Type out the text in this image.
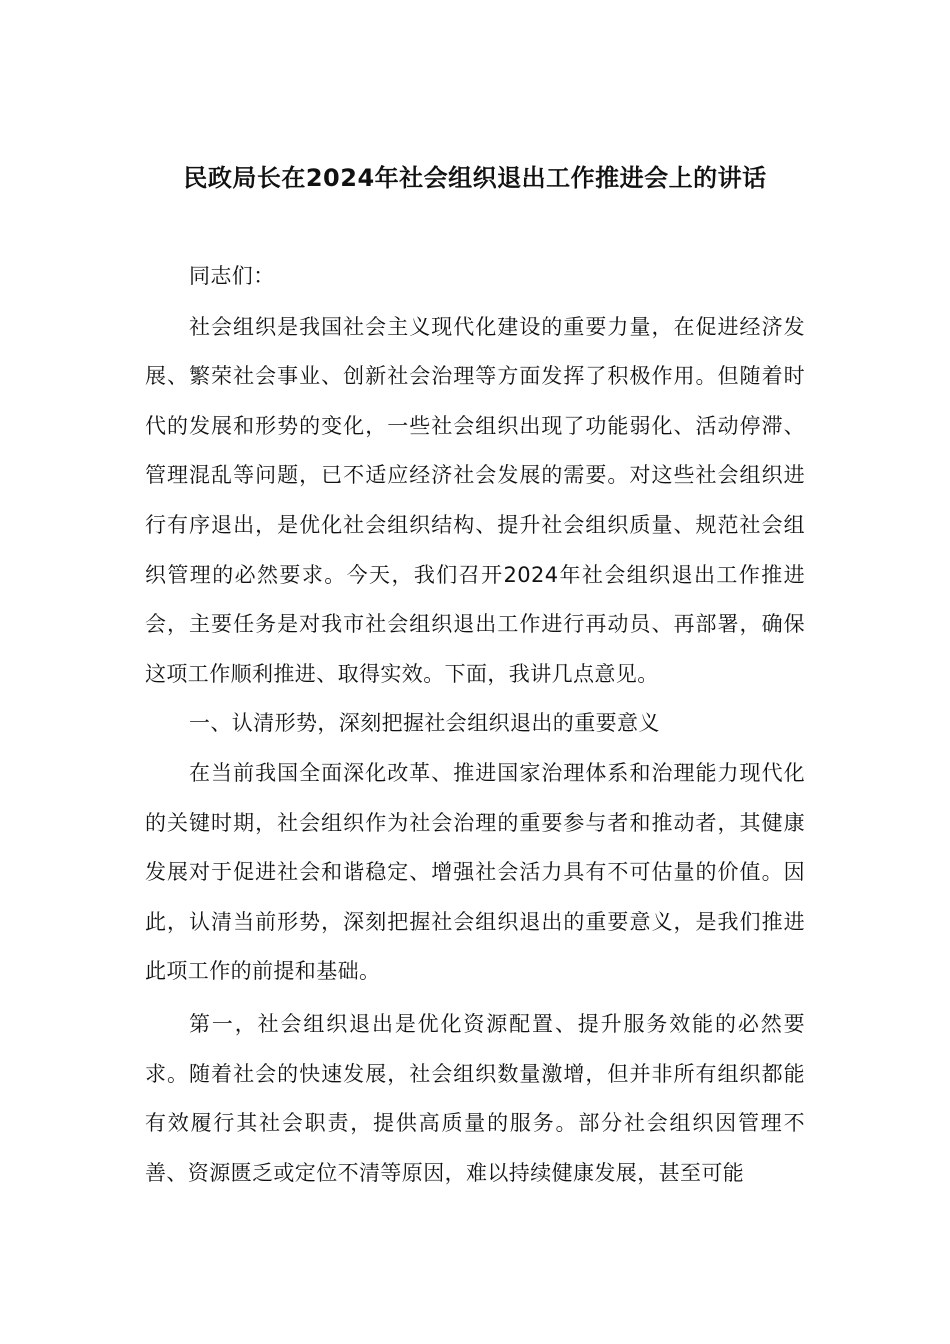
民政局长在2024年社会组织退出工作推进会上的讲话

同志们：

社会组织是我国社会主义现代化建设的重要力量，在促进经济发展、繁荣社会事业、创新社会治理等方面发挥了积极作用。但随着时代的发展和形势的变化，一些社会组织出现了功能弱化、活动停滞、管理混乱等问题，已不适应经济社会发展的需要。对这些社会组织进行有序退出，是优化社会组织结构、提升社会组织质量、规范社会组织管理的必然要求。今天，我们召开2024年社会组织退出工作推进会，主要任务是对我市社会组织退出工作进行再动员、再部署，确保这项工作顺利推进、取得实效。下面，我讲几点意见。

一、认清形势，深刻把握社会组织退出的重要意义

在当前我国全面深化改革、推进国家治理体系和治理能力现代化的关键时期，社会组织作为社会治理的重要参与者和推动者，其健康发展对于促进社会和谐稳定、增强社会活力具有不可估量的价值。因此，认清当前形势，深刻把握社会组织退出的重要意义，是我们推进此项工作的前提和基础。

第一，社会组织退出是优化资源配置、提升服务效能的必然要求。随着社会的快速发展，社会组织数量激增，但并非所有组织都能有效履行其社会职责，提供高质量的服务。部分社会组织因管理不善、资源匮乏或定位不清等原因，难以持续健康发展，甚至可能
